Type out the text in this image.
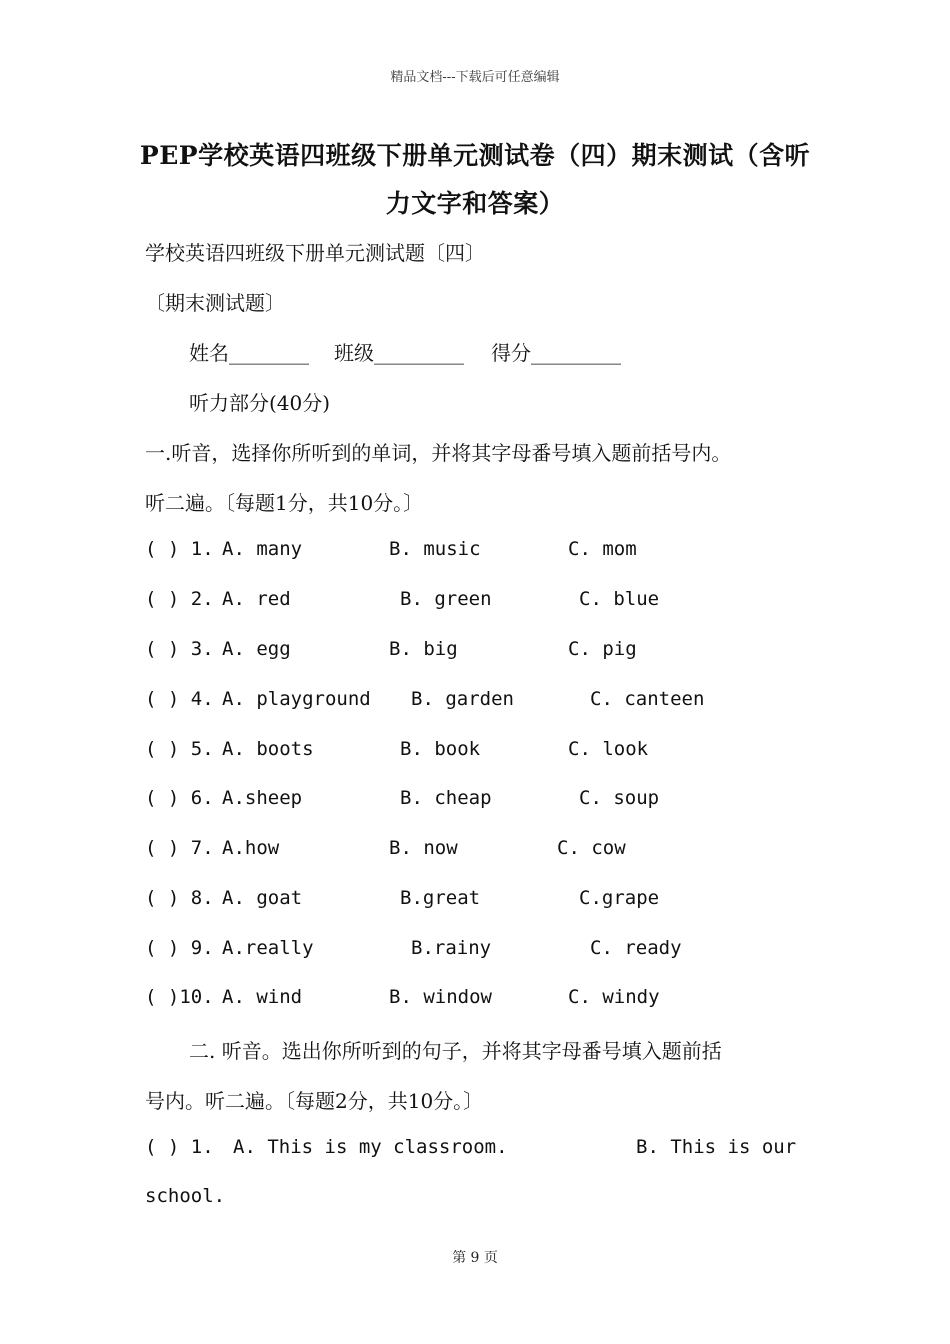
精品文档---下载后可任意编辑
PEP学校英语四班级下册单元测试卷（四）期末测试（含听
力文字和答案）
学校英语四班级下册单元测试题〔四〕
〔期末测试题〕
姓名________ 班级_________ 得分_________
听力部分(40分)
一.听音，选择你所听到的单词，并将其字母番号填入题前括号内。
听二遍。〔每题1分，共10分。〕
( ) 1. A. many	B. music	C. mom
( ) 2. A. red	B. green	C. blue
( ) 3. A. egg	B. big	C. pig
( ) 4. A. playground B. garden	C. canteen
( ) 5. A. boots	B. book	C. look
( ) 6. A.sheep	B. cheap	C. soup
( ) 7. A.how	B. now	C. cow
( ) 8. A. goat	B.great	C.grape
( ) 9. A.really	B.rainy	C. ready
( )10. A. wind	B. window	C. windy
二. 听音。选出你所听到的句子，并将其字母番号填入题前括
号内。听二遍。〔每题2分，共10分。〕
( ) 1. A. This is my classroom.	B. This is our
school.
第 9 页
